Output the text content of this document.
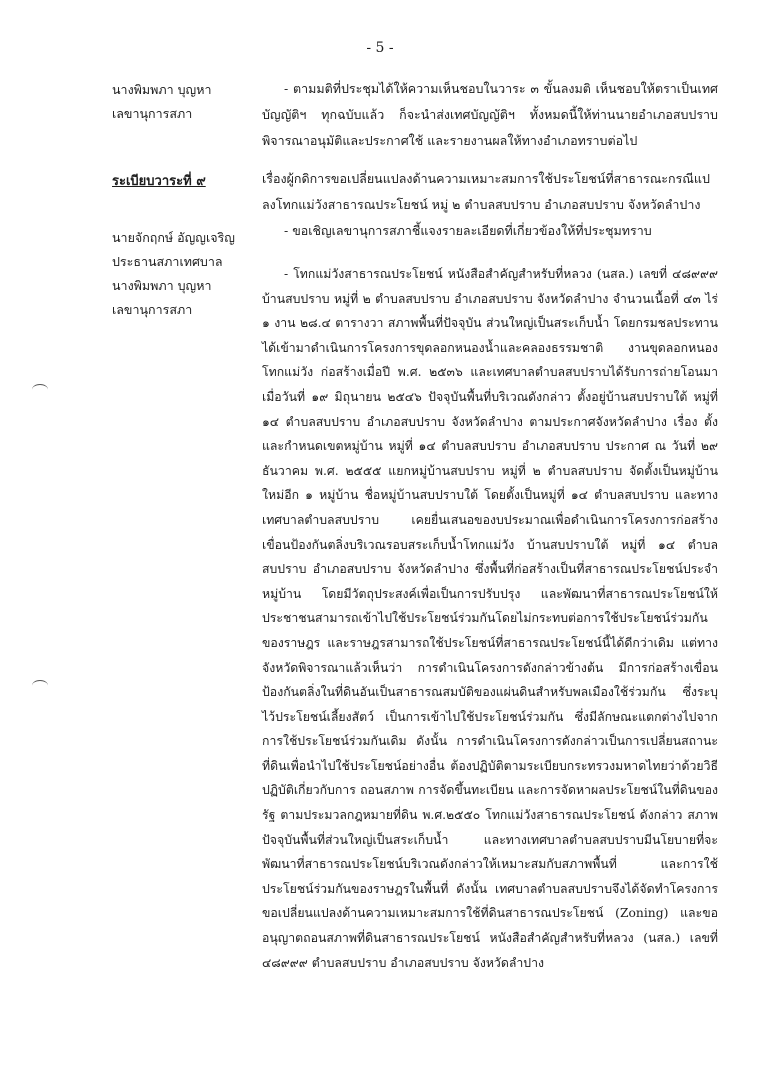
- 5 -
นางพิมพภา บุญหา
เลขานุการสภา

- ตามมติที่ประชุมได้ให้ความเห็นชอบในวาระ ๓ ขั้นลงมติ เห็นชอบให้ตราเป็นเทศบัญญัติฯ ทุกฉบับแล้ว ก็จะนำส่งเทศบัญญัติฯ ทั้งหมดนี้ให้ท่านนายอำเภอสบปราบพิจารณาอนุมัติและประกาศใช้ และรายงานผลให้ทางอำเภอทราบต่อไป

ระเบียบวาระที่ ๙	เรื่องผู้กดิการขอเปลี่ยนแปลงด้านความเหมาะสมการใช้ประโยชน์ที่สาธารณะกรณีแปลงโทกแม่วังสาธารณประโยชน์ หมู่ ๒ ตำบลสบปราบ อำเภอสบปราบ จังหวัดลำปาง

- ขอเชิญเลขานุการสภาชี้แจงรายละเอียดที่เกี่ยวข้องให้ที่ประชุมทราบ

นายจักฤกษ์ อัญญเจริญ
ประธานสภาเทศบาล
นางพิมพภา บุญหา
เลขานุการสภา

- โทกแม่วังสาธารณประโยชน์ หนังสือสำคัญสำหรับที่หลวง (นสล.) เลขที่ ๔๘๙๙๙ บ้านสบปราบ หมู่ที่ ๒ ตำบลสบปราบ อำเภอสบปราบ จังหวัดลำปาง จำนวนเนื้อที่ ๔๓ ไร่ ๑ งาน ๒๘.๔ ตารางวา สภาพพื้นที่ปัจจุบัน ส่วนใหญ่เป็นสระเก็บน้ำ โดยกรมชลประทาน ได้เข้ามาดำเนินการโครงการขุดลอกหนองน้ำและคลองธรรมชาติ งานขุดลอกหนองโทกแม่วัง ก่อสร้างเมื่อปี พ.ศ. ๒๕๓๖ และเทศบาลตำบลสบปราบได้รับการถ่ายโอนมาเมื่อวันที่ ๑๙ มิถุนายน ๒๕๔๖ ปัจจุบันพื้นที่บริเวณดังกล่าว ตั้งอยู่บ้านสบปราบใต้ หมู่ที่ ๑๔ ตำบลสบปราบ อำเภอสบปราบ จังหวัดลำปาง ตามประกาศจังหวัดลำปาง เรื่อง ตั้งและกำหนดเขตหมู่บ้าน หมู่ที่ ๑๔ ตำบลสบปราบ อำเภอสบปราบ ประกาศ ณ วันที่ ๒๙ ธันวาคม พ.ศ. ๒๕๕๕ แยกหมู่บ้านสบปราบ หมู่ที่ ๒ ตำบลสบปราบ จัดตั้งเป็นหมู่บ้านใหม่อีก ๑ หมู่บ้าน ชื่อหมู่บ้านสบปราบใต้ โดยตั้งเป็นหมู่ที่ ๑๔ ตำบลสบปราบ และทางเทศบาลตำบลสบปราบ เคยยื่นเสนอของบประมาณเพื่อดำเนินการโครงการก่อสร้าง เขื่อนป้องกันตลิ่งบริเวณรอบสระเก็บน้ำโทกแม่วัง บ้านสบปราบใต้ หมู่ที่ ๑๔ ตำบลสบปราบ อำเภอสบปราบ จังหวัดลำปาง ซึ่งพื้นที่ก่อสร้างเป็นที่สาธารณประโยชน์ประจำหมู่บ้าน โดยมีวัตถุประสงค์เพื่อเป็นการปรับปรุง และพัฒนาที่สาธารณประโยชน์ให้ประชาชนสามารถเข้าไปใช้ประโยชน์ร่วมกันโดยไม่กระทบต่อการใช้ประโยชน์ร่วมกันของราษฎร และราษฎรสามารถใช้ประโยชน์ที่สาธารณประโยชน์นี้ได้ดีกว่าเดิม แต่ทางจังหวัดพิจารณาแล้วเห็นว่า การดำเนินโครงการดังกล่าวข้างต้น มีการก่อสร้างเขื่อนป้องกันตลิ่งในที่ดินอันเป็นสาธารณสมบัติของแผ่นดินสำหรับพลเมืองใช้ร่วมกัน ซึ่งระบุไว้ประโยชน์เลี้ยงสัตว์ เป็นการเข้าไปใช้ประโยชน์ร่วมกัน ซึ่งมีลักษณะแตกต่างไปจากการใช้ประโยชน์ร่วมกันเดิม ดังนั้น การดำเนินโครงการดังกล่าวเป็นการเปลี่ยนสถานะ ที่ดินเพื่อนำไปใช้ประโยชน์อย่างอื่น ต้องปฏิบัติตามระเบียบกระทรวงมหาดไทยว่าด้วยวิธีปฏิบัติเกี่ยวกับการ ถอนสภาพ การจัดขึ้นทะเบียน และการจัดหาผลประโยชน์ในที่ดินของรัฐ ตามประมวลกฎหมายที่ดิน พ.ศ.๒๕๕๐ โทกแม่วังสาธารณประโยชน์ ดังกล่าว สภาพปัจจุบันพื้นที่ส่วนใหญ่เป็นสระเก็บน้ำ และทางเทศบาลตำบลสบปราบมีนโยบายที่จะพัฒนาที่สาธารณประโยชน์บริเวณดังกล่าวให้เหมาะสมกับสภาพพื้นที่ และการใช้ประโยชน์ร่วมกันของราษฎรในพื้นที่ ดังนั้น เทศบาลตำบลสบปราบจึงได้จัดทำโครงการขอเปลี่ยนแปลงด้านความเหมาะสมการใช้ที่ดินสาธารณประโยชน์ (Zoning) และขออนุญาตถอนสภาพที่ดินสาธารณประโยชน์ หนังสือสำคัญสำหรับที่หลวง (นสล.) เลขที่ ๔๘๙๙๙ ตำบลสบปราบ อำเภอสบปราบ จังหวัดลำปาง
